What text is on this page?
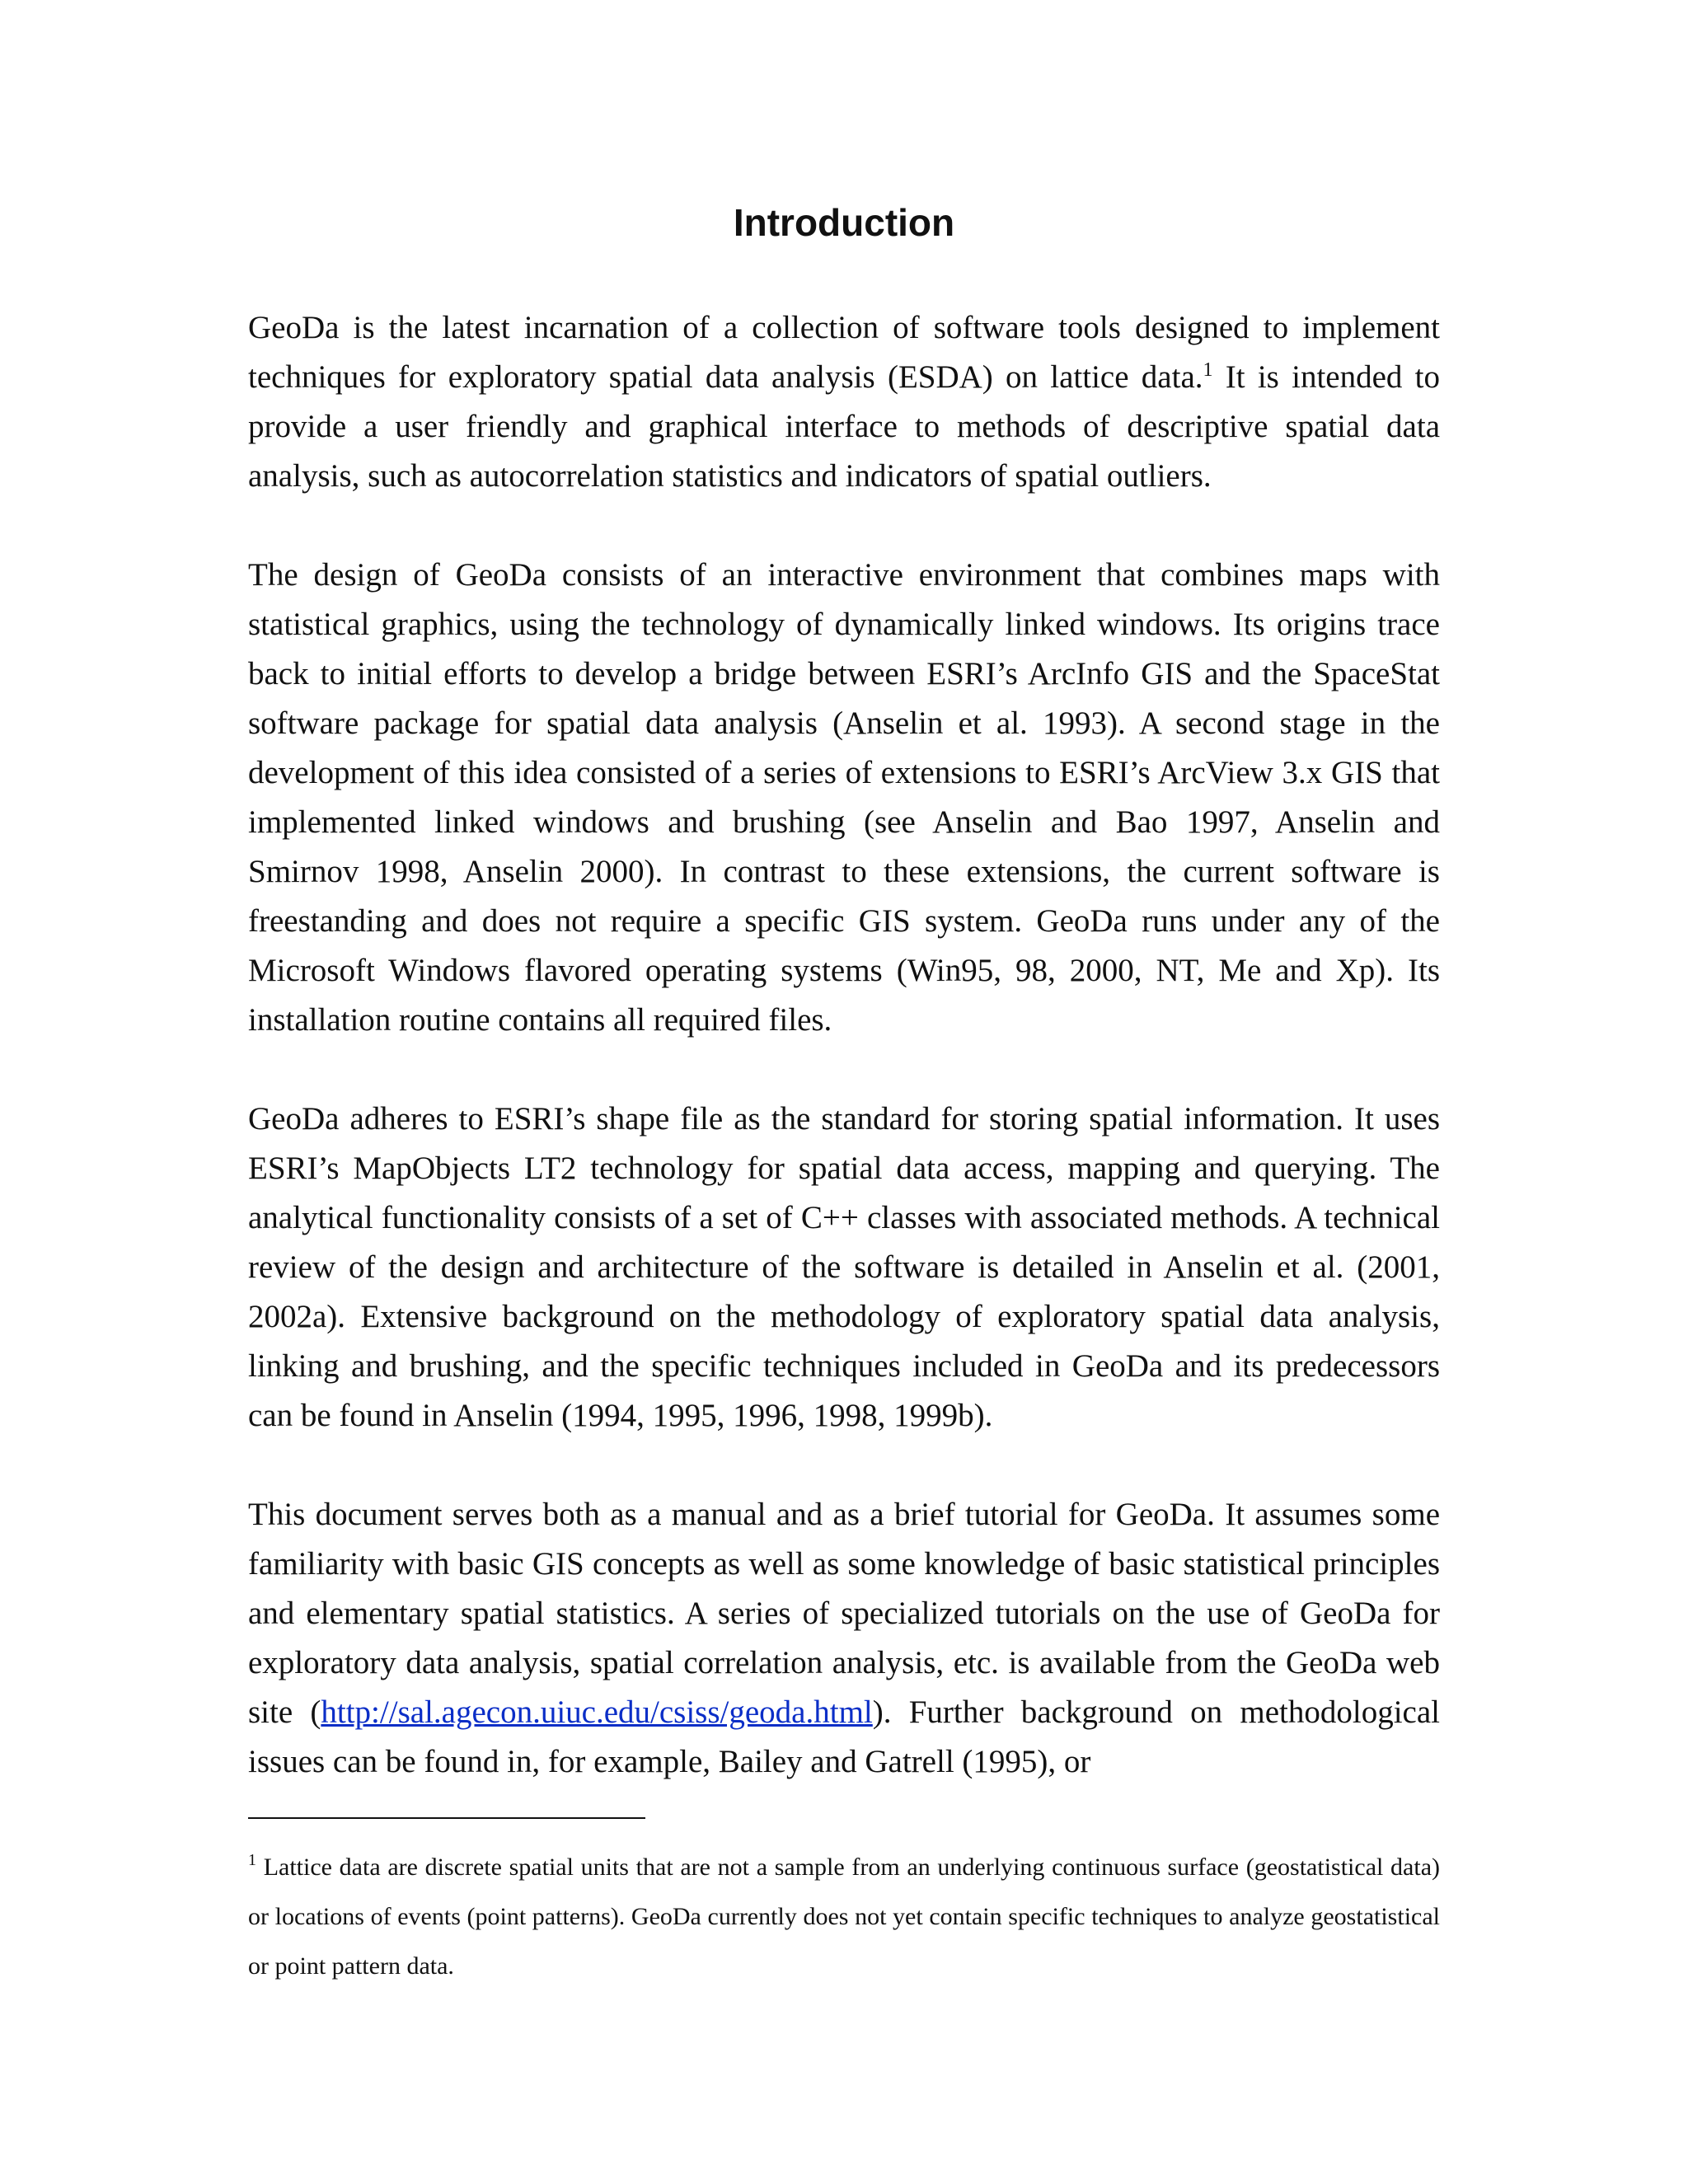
Introduction

GeoDa is the latest incarnation of a collection of software tools designed to implement techniques for exploratory spatial data analysis (ESDA) on lattice data.$^1$ It is intended to provide a user friendly and graphical interface to methods of descriptive spatial data analysis, such as autocorrelation statistics and indicators of spatial outliers.

The design of GeoDa consists of an interactive environment that combines maps with statistical graphics, using the technology of dynamically linked windows. Its origins trace back to initial efforts to develop a bridge between ESRI’s ArcInfo GIS and the SpaceStat software package for spatial data analysis (Anselin et al. 1993). A second stage in the development of this idea consisted of a series of extensions to ESRI’s ArcView 3.x GIS that implemented linked windows and brushing (see Anselin and Bao 1997, Anselin and Smirnov 1998, Anselin 2000). In contrast to these extensions, the current software is freestanding and does not require a specific GIS system. GeoDa runs under any of the Microsoft Windows flavored operating systems (Win95, 98, 2000, NT, Me and Xp). Its installation routine contains all required files.

GeoDa adheres to ESRI’s shape file as the standard for storing spatial information. It uses ESRI’s MapObjects LT2 technology for spatial data access, mapping and querying. The analytical functionality consists of a set of C++ classes with associated methods. A technical review of the design and architecture of the software is detailed in Anselin et al. (2001, 2002a). Extensive background on the methodology of exploratory spatial data analysis, linking and brushing, and the specific techniques included in GeoDa and its predecessors can be found in Anselin (1994, 1995, 1996, 1998, 1999b).

This document serves both as a manual and as a brief tutorial for GeoDa. It assumes some familiarity with basic GIS concepts as well as some knowledge of basic statistical principles and elementary spatial statistics. A series of specialized tutorials on the use of GeoDa for exploratory data analysis, spatial correlation analysis, etc. is available from the GeoDa web site (http://sal.agecon.uiuc.edu/csiss/geoda.html). Further background on methodological issues can be found in, for example, Bailey and Gatrell (1995), or

$^1$ Lattice data are discrete spatial units that are not a sample from an underlying continuous surface (geostatistical data) or locations of events (point patterns). GeoDa currently does not yet contain specific techniques to analyze geostatistical or point pattern data.
